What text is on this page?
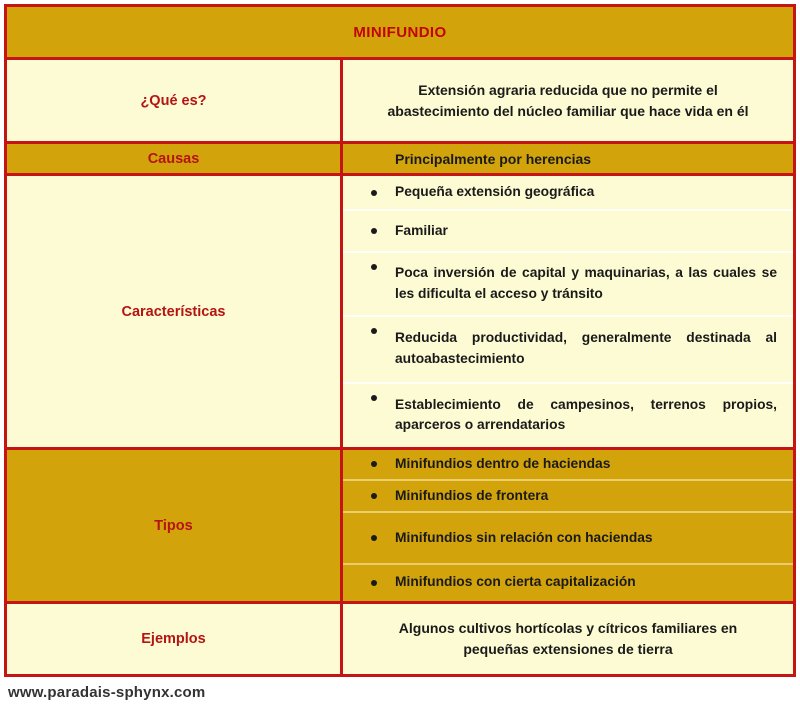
MINIFUNDIO
¿Qué es?
Extensión agraria reducida que no permite el abastecimiento del núcleo familiar que hace vida en él
Causas	Principalmente por herencias
Características
Pequeña extensión geográfica
Familiar
Poca inversión de capital y maquinarias, a las cuales se les dificulta el acceso y tránsito
Reducida productividad, generalmente destinada al autoabastecimiento
Establecimiento de campesinos, terrenos propios, aparceros o arrendatarios
Tipos
Minifundios dentro de haciendas
Minifundios de frontera
Minifundios sin relación con haciendas
Minifundios con cierta capitalización
Ejemplos
Algunos cultivos hortícolas y cítricos familiares en pequeñas extensiones de tierra
www.paradais-sphynx.com
